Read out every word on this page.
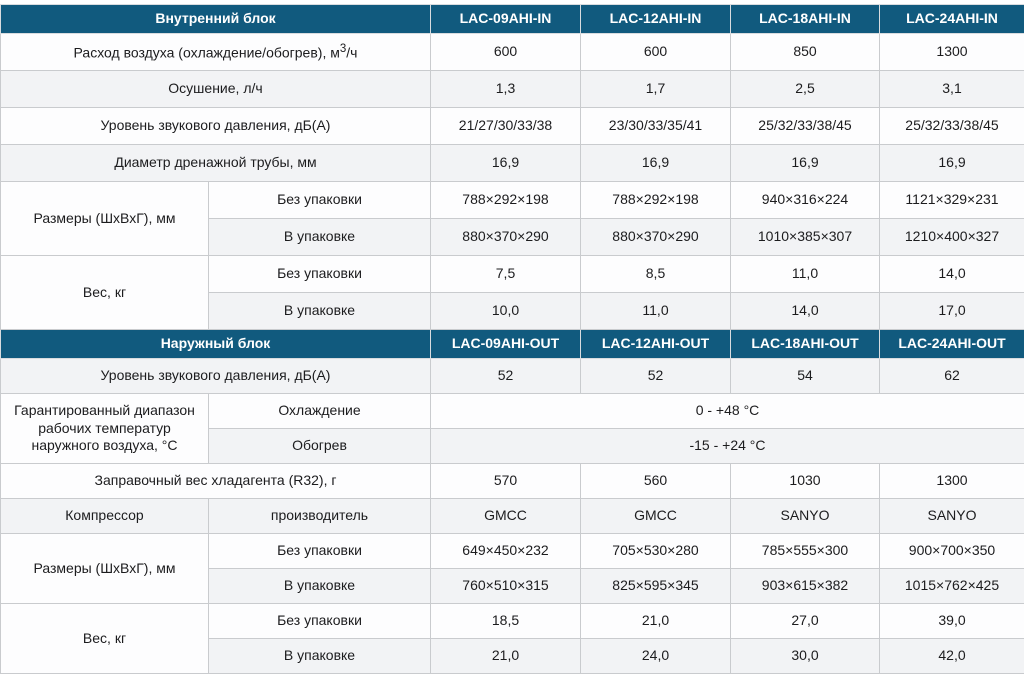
Внутренний блок		LAC-09AHI-IN	LAC-12AHI-IN	LAC-18AHI-IN	LAC-24AHI-IN
Расход воздуха (охлаждение/обогрев), $м^3/ч$		600	600	850	1300
Осушение, л/ч		1,3	1,7	2,5	3,1
Уровень звукового давления, дБ(А)		21/27/30/33/38	23/30/33/35/41	25/32/33/38/45	25/32/33/38/45
Диаметр дренажной трубы, мм		16,9	16,9	16,9	16,9
Размеры (ШхВхГ), мм	Без упаковки	788×292×198	788×292×198	940×316×224	1121×329×231
	В упаковке	880×370×290	880×370×290	1010×385×307	1210×400×327
Вес, кг	Без упаковки	7,5	8,5	11,0	14,0
	В упаковке	10,0	11,0	14,0	17,0
Наружный блок		LAC-09AHI-OUT	LAC-12AHI-OUT	LAC-18AHI-OUT	LAC-24AHI-OUT
Уровень звукового давления, дБ(А)		52	52	54	62
Гарантированный диапазон рабочих температур наружного воздуха, °С	Охлаждение	0 - +48 °C			
	Обогрев	-15 - +24 °C			
Заправочный вес хладагента (R32), г		570	560	1030	1300
Компрессор	производитель	GMCC	GMCC	SANYO	SANYO
Размеры (ШхВхГ), мм	Без упаковки	649×450×232	705×530×280	785×555×300	900×700×350
	В упаковке	760×510×315	825×595×345	903×615×382	1015×762×425
Вес, кг	Без упаковки	18,5	21,0	27,0	39,0
	В упаковке	21,0	24,0	30,0	42,0
